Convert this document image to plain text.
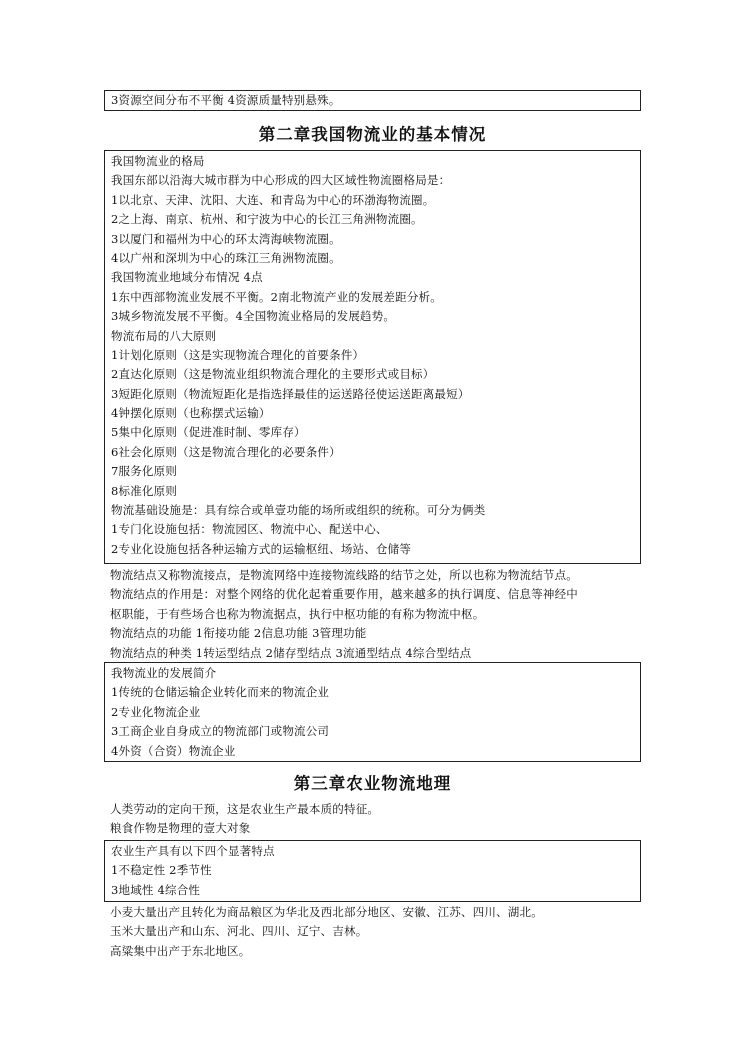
3资源空间分布不平衡 4资源质量特别悬殊。
第二章我国物流业的基本情况
我国物流业的格局
我国东部以沿海大城市群为中心形成的四大区域性物流圈格局是：
1以北京、天津、沈阳、大连、和青岛为中心的环渤海物流圈。
2之上海、南京、杭州、和宁波为中心的长江三角洲物流圈。
3以厦门和福州为中心的环太湾海峡物流圈。
4以广州和深圳为中心的珠江三角洲物流圈。
我国物流业地域分布情况 4点
1东中西部物流业发展不平衡。2南北物流产业的发展差距分析。
3城乡物流发展不平衡。4全国物流业格局的发展趋势。
物流布局的八大原则
1计划化原则（这是实现物流合理化的首要条件）
2直达化原则（这是物流业组织物流合理化的主要形式或目标）
3短距化原则（物流短距化是指选择最佳的运送路径使运送距离最短）
4钟摆化原则（也称摆式运输）
5集中化原则（促进准时制、零库存）
6社会化原则（这是物流合理化的必要条件）
7服务化原则
8标准化原则
物流基础设施是：具有综合或单壹功能的场所或组织的统称。可分为俩类
1专门化设施包括：物流园区、物流中心、配送中心、
2专业化设施包括各种运输方式的运输枢纽、场站、仓储等
物流结点又称物流接点，是物流网络中连接物流线路的结节之处，所以也称为物流结节点。
物流结点的作用是：对整个网络的优化起着重要作用，越来越多的执行调度、信息等神经中
枢职能，于有些场合也称为物流据点，执行中枢功能的有称为物流中枢。
物流结点的功能 1衔接功能 2信息功能 3管理功能
物流结点的种类 1转运型结点 2储存型结点 3流通型结点 4综合型结点
我物流业的发展简介
1传统的仓储运输企业转化而来的物流企业
2专业化物流企业
3工商企业自身成立的物流部门或物流公司
4外资（合资）物流企业
第三章农业物流地理
人类劳动的定向干预，这是农业生产最本质的特征。
粮食作物是物理的壹大对象
农业生产具有以下四个显著特点
1不稳定性 2季节性
3地域性 4综合性
小麦大量出产且转化为商品粮区为华北及西北部分地区、安徽、江苏、四川、湖北。
玉米大量出产和山东、河北、四川、辽宁、吉林。
高粱集中出产于东北地区。
